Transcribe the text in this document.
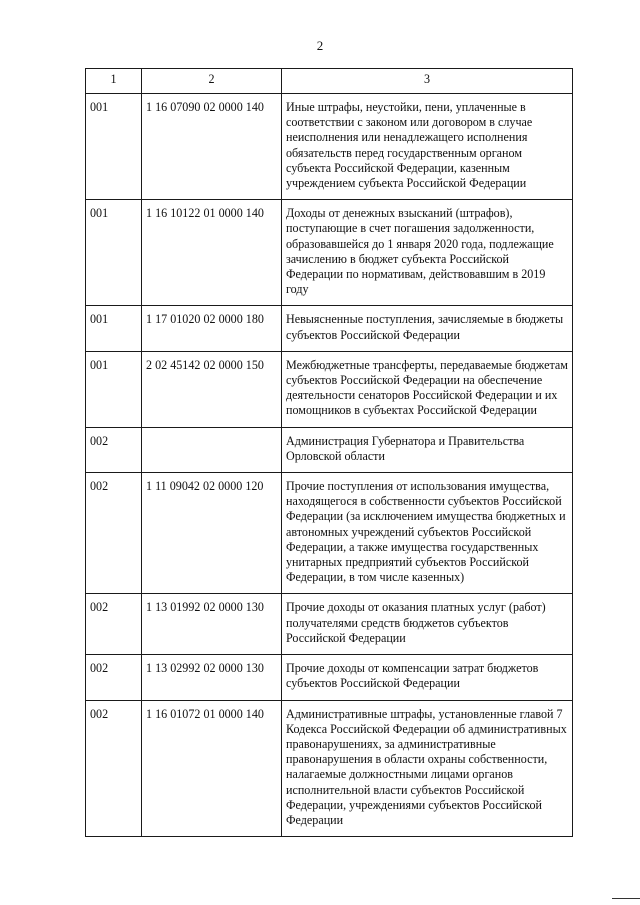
2
1	2	3
001	1 16 07090 02 0000 140	Иные штрафы, неустойки, пени, уплаченные в соответствии с законом или договором в случае неисполнения или ненадлежащего исполнения обязательств перед государственным органом субъекта Российской Федерации, казенным учреждением субъекта Российской Федерации
001	1 16 10122 01 0000 140	Доходы от денежных взысканий (штрафов), поступающие в счет погашения задолженности, образовавшейся до 1 января 2020 года, подлежащие зачислению в бюджет субъекта Российской Федерации по нормативам, действовавшим в 2019 году
001	1 17 01020 02 0000 180	Невыясненные поступления, зачисляемые в бюджеты субъектов Российской Федерации
001	2 02 45142 02 0000 150	Межбюджетные трансферты, передаваемые бюджетам субъектов Российской Федерации на обеспечение деятельности сенаторов Российской Федерации и их помощников в субъектах Российской Федерации
002		Администрация Губернатора и Правительства Орловской области
002	1 11 09042 02 0000 120	Прочие поступления от использования имущества, находящегося в собственности субъектов Российской Федерации (за исключением имущества бюджетных и автономных учреждений субъектов Российской Федерации, а также имущества государственных унитарных предприятий субъектов Российской Федерации, в том числе казенных)
002	1 13 01992 02 0000 130	Прочие доходы от оказания платных услуг (работ) получателями средств бюджетов субъектов Российской Федерации
002	1 13 02992 02 0000 130	Прочие доходы от компенсации затрат бюджетов субъектов Российской Федерации
002	1 16 01072 01 0000 140	Административные штрафы, установленные главой 7 Кодекса Российской Федерации об административных правонарушениях, за административные правонарушения в области охраны собственности, налагаемые должностными лицами органов исполнительной власти субъектов Российской Федерации, учреждениями субъектов Российской Федерации
